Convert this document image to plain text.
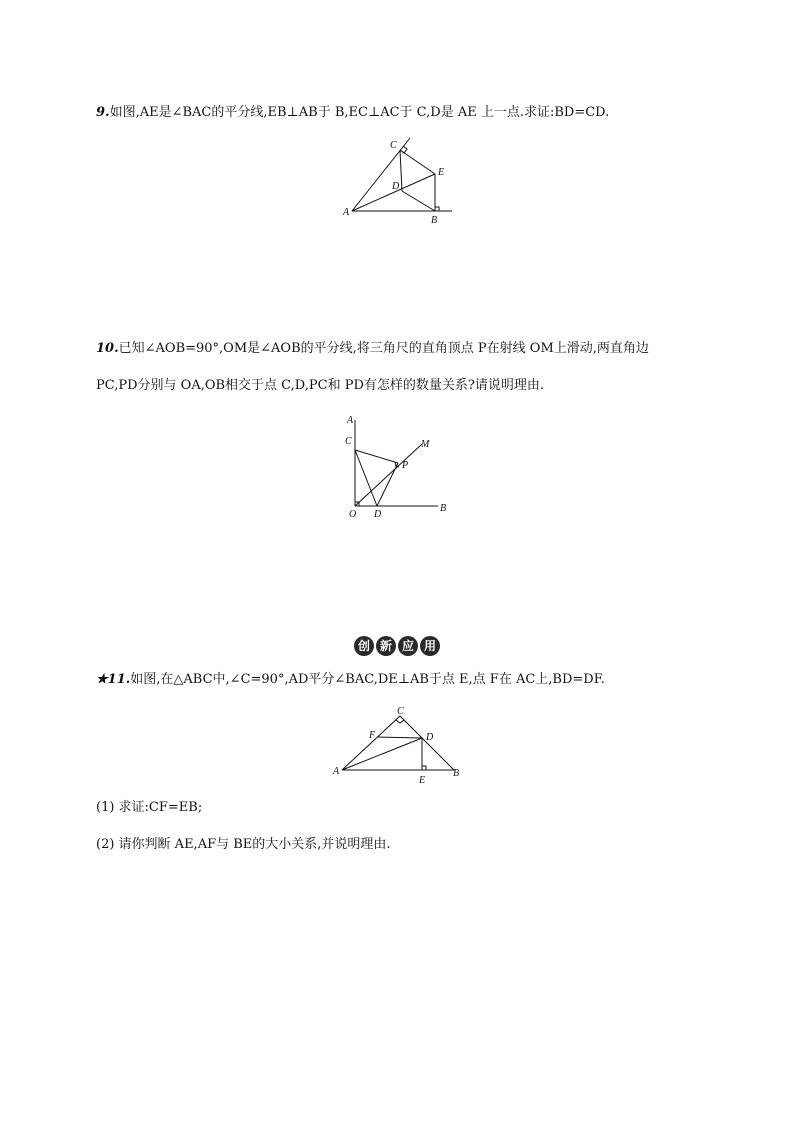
9.如图,AE是∠BAC的平分线,EB⊥AB于 B,EC⊥AC于 C,D是 AE 上一点.求证:BD=CD.
C
E
D
A
B
10.已知∠AOB=90°,OM是∠AOB的平分线,将三角尺的直角顶点 P在射线 OM上滑动,两直角边
PC,PD分别与 OA,OB相交于点 C,D,PC和 PD有怎样的数量关系?请说明理由.
A
C	M
P
O D
B
创 新 应 用
★11.如图,在△ABC中,∠C=90°,AD平分∠BAC,DE⊥AB于点 E,点 F在 AC上,BD=DF.
C
F	D
A	B
E
(1) 求证:CF=EB;
(2) 请你判断 AE,AF与 BE的大小关系,并说明理由.
